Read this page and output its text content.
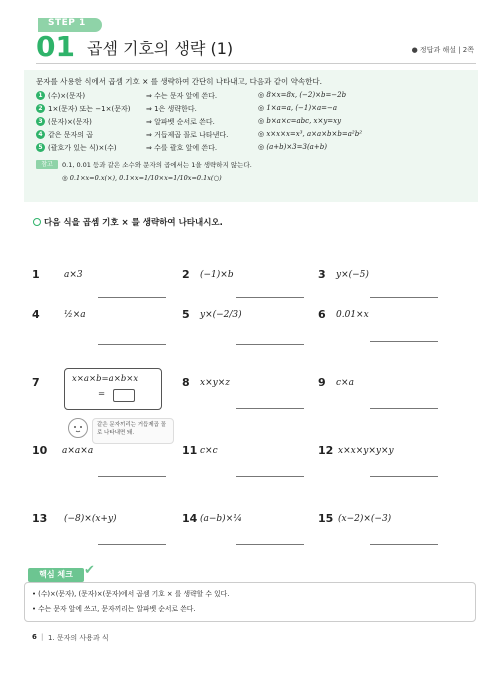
STEP 1
01 곱셈 기호의 생략 (1)	● 정답과 해설 | 2쪽
문자를 사용한 식에서 곱셈 기호 × 를 생략하여 간단히 나타내고, 다음과 같이 약속한다.
1 (수)×(문자)	⇒ 수는 문자 앞에 쓴다.	◎ 8×x=8x, (−2)×b=−2b
2 1×(문자) 또는 −1×(문자) ⇒ 1은 생략한다.	◎ 1×a=a, (−1)×a=−a
3 (문자)×(문자)	⇒ 알파벳 순서로 쓴다.	◎ b×a×c=abc, x×y=xy
4 같은 문자의 곱	⇒ 거듭제곱 꼴로 나타낸다.	◎ x×x×x=x³, a×a×b×b=a²b²
5 (괄호가 있는 식)×(수)	⇒ 수를 괄호 앞에 쓴다.	◎ (a+b)×3=3(a+b)
참고	0.1, 0.01 등과 같은 소수와 문자의 곱에서는 1을 생략하지 않는다.
◎ 0.1×x=0.x(×), 0.1×x=1/10×x=1/10x=0.1x(○)
다음 식을 곱셈 기호 × 를 생략하여 나타내시오.
1	a×3	2 (−1)×b	3 y×(−5)
4	½×a	5 y×(−2/3)	6 0.01×x
7	x×a×b=a×b×x
=
같은 문자끼리는 거듭제곱 꼴로 나타내면 돼.
8 x×y×z	9 c×a
10 a×a×a	11 c×c	12 x×x×y×y×y
13 (−8)×(x+y)	14 (a−b)×¼	15 (x−2)×(−3)
핵심 체크 ✔
• (수)×(문자), (문자)×(문자)에서 곱셈 기호 × 를 생략할 수 있다.
• 수는 문자 앞에 쓰고, 문자끼리는 알파벳 순서로 쓴다.
6 | 1. 문자의 사용과 식
